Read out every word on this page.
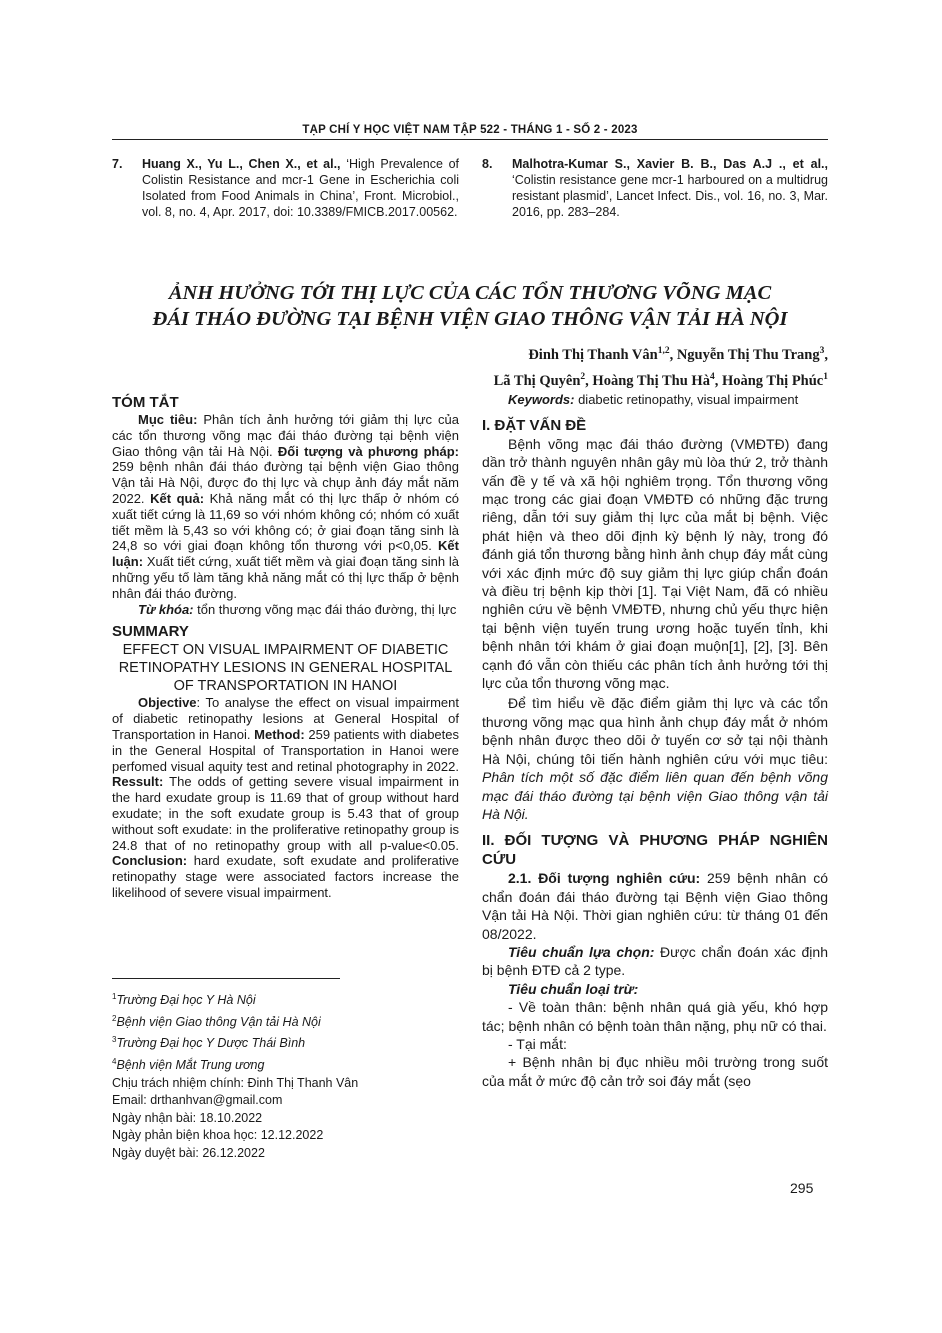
TẠP CHÍ Y HỌC VIỆT NAM TẬP 522 - THÁNG 1 - SỐ 2 - 2023
7. Huang X., Yu L., Chen X., et al., ‘High Prevalence of Colistin Resistance and mcr-1 Gene in Escherichia coli Isolated from Food Animals in China’, Front. Microbiol., vol. 8, no. 4, Apr. 2017, doi: 10.3389/FMICB.2017.00562.
8. Malhotra-Kumar S., Xavier B. B., Das A.J ., et al., ‘Colistin resistance gene mcr-1 harboured on a multidrug resistant plasmid’, Lancet Infect. Dis., vol. 16, no. 3, Mar. 2016, pp. 283–284.
ẢNH HƯỞNG TỚI THỊ LỰC CỦA CÁC TỔN THƯƠNG VÕNG MẠC
ĐÁI THÁO ĐƯỜNG TẠI BỆNH VIỆN GIAO THÔNG VẬN TẢI HÀ NỘI
Đinh Thị Thanh Vân$^{1,2}$, Nguyễn Thị Thu Trang$^3$,
Lã Thị Quyên$^2$, Hoàng Thị Thu $Hà^4$, Hoàng Thị Phúc$^1$

TÓM TẮT

Mục tiêu: Phân tích ảnh hưởng tới giảm thị lực của các tổn thương võng mạc đái tháo đường tại bệnh viện Giao thông vận tải Hà Nội. Đối tượng và phương pháp: 259 bệnh nhân đái tháo đường tại bệnh viện Giao thông Vận tải Hà Nội, được đo thị lực và chụp ảnh đáy mắt năm 2022. Kết quả: Khả năng mắt có thị lực thấp ở nhóm có xuất tiết cứng là 11,69 so với nhóm không có; nhóm có xuất tiết mềm là 5,43 so với không có; ở giai đoạn tăng sinh là 24,8 so với giai đoạn không tổn thương với p<0,05. Kết luận: Xuất tiết cứng, xuất tiết mềm và giai đoạn tăng sinh là những yếu tố làm tăng khả năng mắt có thị lực thấp ở bệnh nhân đái tháo đường.

Từ khóa: tổn thương võng mạc đái tháo đường, thị lực

SUMMARY

EFFECT ON VISUAL IMPAIRMENT OF DIABETIC RETINOPATHY LESIONS IN GENERAL HOSPITAL OF TRANSPORTATION IN HANOI

Objective: To analyse the effect on visual impairment of diabetic retinopathy lesions at General Hospital of Transportation in Hanoi. Method: 259 patients with diabetes in the General Hospital of Transportation in Hanoi were perfomed visual aquity test and retinal photography in 2022. Ressult: The odds of getting severe visual impairment in the hard exudate group is 11.69 that of group without hard exudate; in the soft exudate group is 5.43 that of group without soft exudate: in the proliferative retinopathy group is 24.8 that of no retinopathy group with all p-value<0.05. Conclusion: hard exudate, soft exudate and proliferative retinopathy stage were associated factors increase the likelihood of severe visual impairment.

$^1$Trường Đại học Y Hà Nội
$^2$Bệnh viện Giao thông Vận tải Hà Nội
$^3$Trường Đại học Y Dược Thái Bình
$^4$Bệnh viện Mắt Trung ương
Chịu trách nhiệm chính: Đinh Thị Thanh Vân
Email: drthanhvan@gmail.com
Ngày nhận bài: 18.10.2022
Ngày phản biện khoa học: 12.12.2022
Ngày duyệt bài: 26.12.2022

Keywords: diabetic retinopathy, visual impairment

I. ĐẶT VẤN ĐỀ

Bệnh võng mạc đái tháo đường (VMĐTĐ) đang dần trở thành nguyên nhân gây mù lòa thứ 2, trở thành vấn đề y tế và xã hội nghiêm trọng. Tổn thương võng mạc trong các giai đoạn VMĐTĐ có những đặc trưng riêng, dẫn tới suy giảm thị lực của mắt bị bệnh. Việc phát hiện và theo dõi định kỳ bệnh lý này, trong đó đánh giá tổn thương bằng hình ảnh chụp đáy mắt cùng với xác định mức độ suy giảm thị lực giúp chẩn đoán và điều trị bệnh kịp thời [1]. Tại Việt Nam, đã có nhiều nghiên cứu về bệnh VMĐTĐ, nhưng chủ yếu thực hiện tại bệnh viện tuyến trung ương hoặc tuyến tỉnh, khi bệnh nhân tới khám ở giai đoạn muộn[1], [2], [3]. Bên cạnh đó vẫn còn thiếu các phân tích ảnh hưởng tới thị lực của tổn thương võng mạc.

Để tìm hiểu về đặc điểm giảm thị lực và các tổn thương võng mạc qua hình ảnh chụp đáy mắt ở nhóm bệnh nhân được theo dõi ở tuyến cơ sở tại nội thành Hà Nội, chúng tôi tiến hành nghiên cứu với mục tiêu: Phân tích một số đặc điểm liên quan đến bệnh võng mạc đái tháo đường tại bệnh viện Giao thông vận tải Hà Nội.

II. ĐỐI TƯỢNG VÀ PHƯƠNG PHÁP NGHIÊN CỨU

2.1. Đối tượng nghiên cứu: 259 bệnh nhân có chẩn đoán đái tháo đường tại Bệnh viện Giao thông Vận tải Hà Nội. Thời gian nghiên cứu: từ tháng 01 đến 08/2022.

Tiêu chuẩn lựa chọn: Được chẩn đoán xác định bị bệnh ĐTĐ cả 2 type.

Tiêu chuẩn loại trừ:

- Về toàn thân: bệnh nhân quá già yếu, khó hợp tác; bệnh nhân có bệnh toàn thân nặng, phụ nữ có thai.

- Tại mắt:

+ Bệnh nhân bị đục nhiều môi trường trong suốt của mắt ở mức độ cản trở soi đáy mắt (sẹo

295
